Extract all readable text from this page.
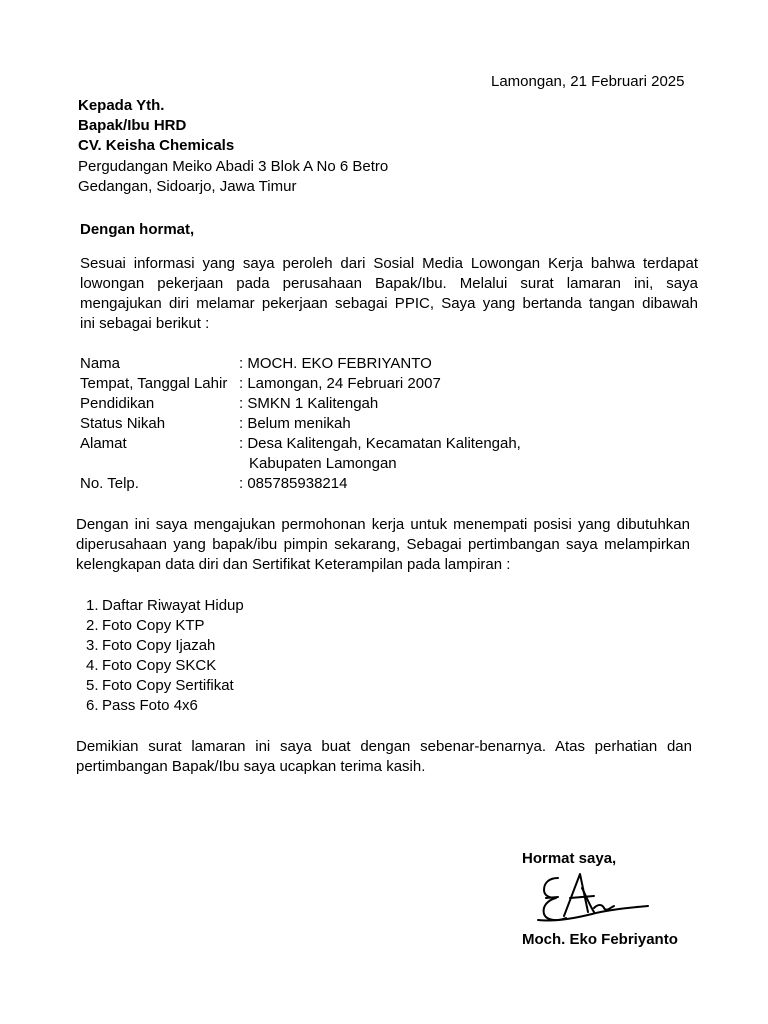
Lamongan, 21 Februari 2025
Kepada Yth.
Bapak/Ibu HRD
CV. Keisha Chemicals
Pergudangan Meiko Abadi 3 Blok A No 6 Betro
Gedangan, Sidoarjo, Jawa Timur
Dengan hormat,
Sesuai informasi yang saya peroleh dari Sosial Media Lowongan Kerja bahwa terdapat
lowongan pekerjaan pada perusahaan Bapak/Ibu. Melalui surat lamaran ini, saya
mengajukan diri melamar pekerjaan sebagai PPIC, Saya yang bertanda tangan dibawah
ini sebagai berikut :
Nama	: MOCH. EKO FEBRIYANTO
Tempat, Tanggal Lahir : Lamongan, 24 Februari 2007
Pendidikan	: SMKN 1 Kalitengah
Status Nikah	: Belum menikah
Alamat	: Desa Kalitengah, Kecamatan Kalitengah,
Kabupaten Lamongan
No. Telp.	: 085785938214
Dengan ini saya mengajukan permohonan kerja untuk menempati posisi yang dibutuhkan
diperusahaan yang bapak/ibu pimpin sekarang, Sebagai pertimbangan saya melampirkan
kelengkapan data diri dan Sertifikat Keterampilan pada lampiran :
1. Daftar Riwayat Hidup
2. Foto Copy KTP
3. Foto Copy Ijazah
4. Foto Copy SKCK
5. Foto Copy Sertifikat
6. Pass Foto 4x6
Demikian surat lamaran ini saya buat dengan sebenar-benarnya. Atas perhatian dan
pertimbangan Bapak/Ibu saya ucapkan terima kasih.
Hormat saya,
Moch. Eko Febriyanto
